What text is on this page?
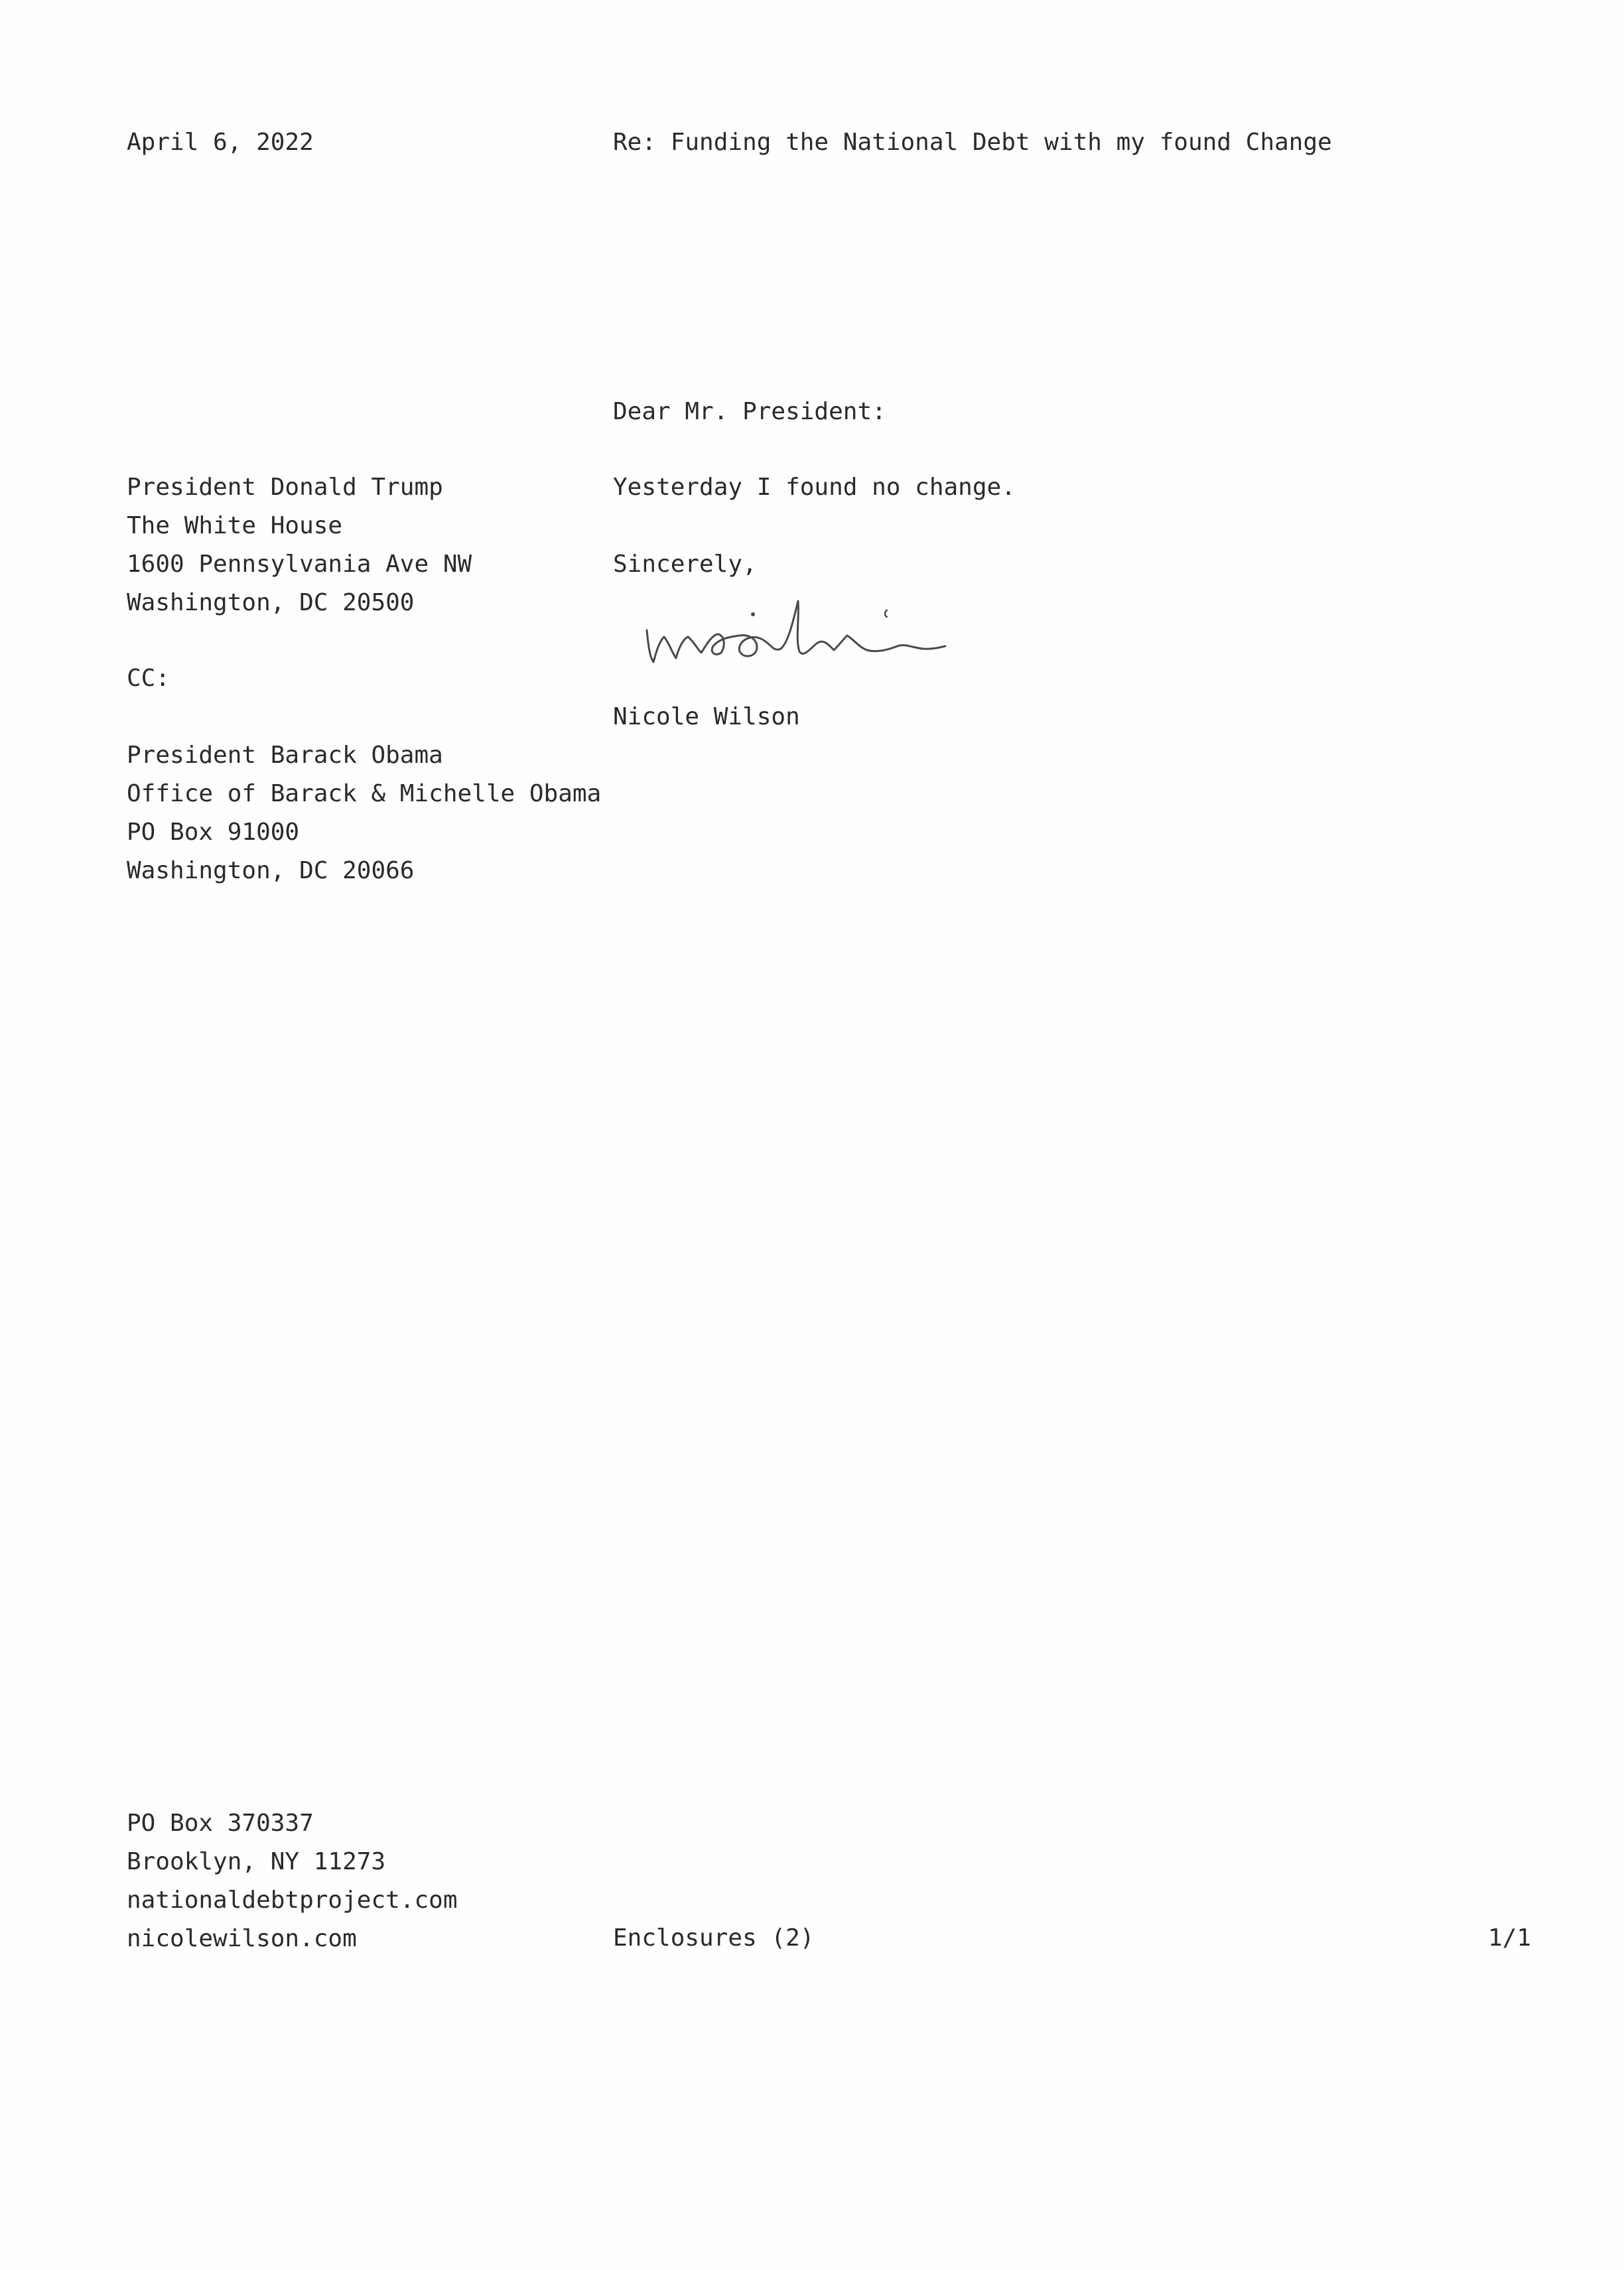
April 6, 2022	Re: Funding the National Debt with my found Change
Dear Mr. President:
President Donald Trump
The White House
1600 Pennsylvania Ave NW
Washington, DC 20500
Yesterday I found no change.
Sincerely,
CC:
Nicole Wilson
President Barack Obama
Office of Barack & Michelle Obama
PO Box 91000
Washington, DC 20066
PO Box 370337
Brooklyn, NY 11273
nationaldebtproject.com
nicolewilson.com	Enclosures (2)	1/1
